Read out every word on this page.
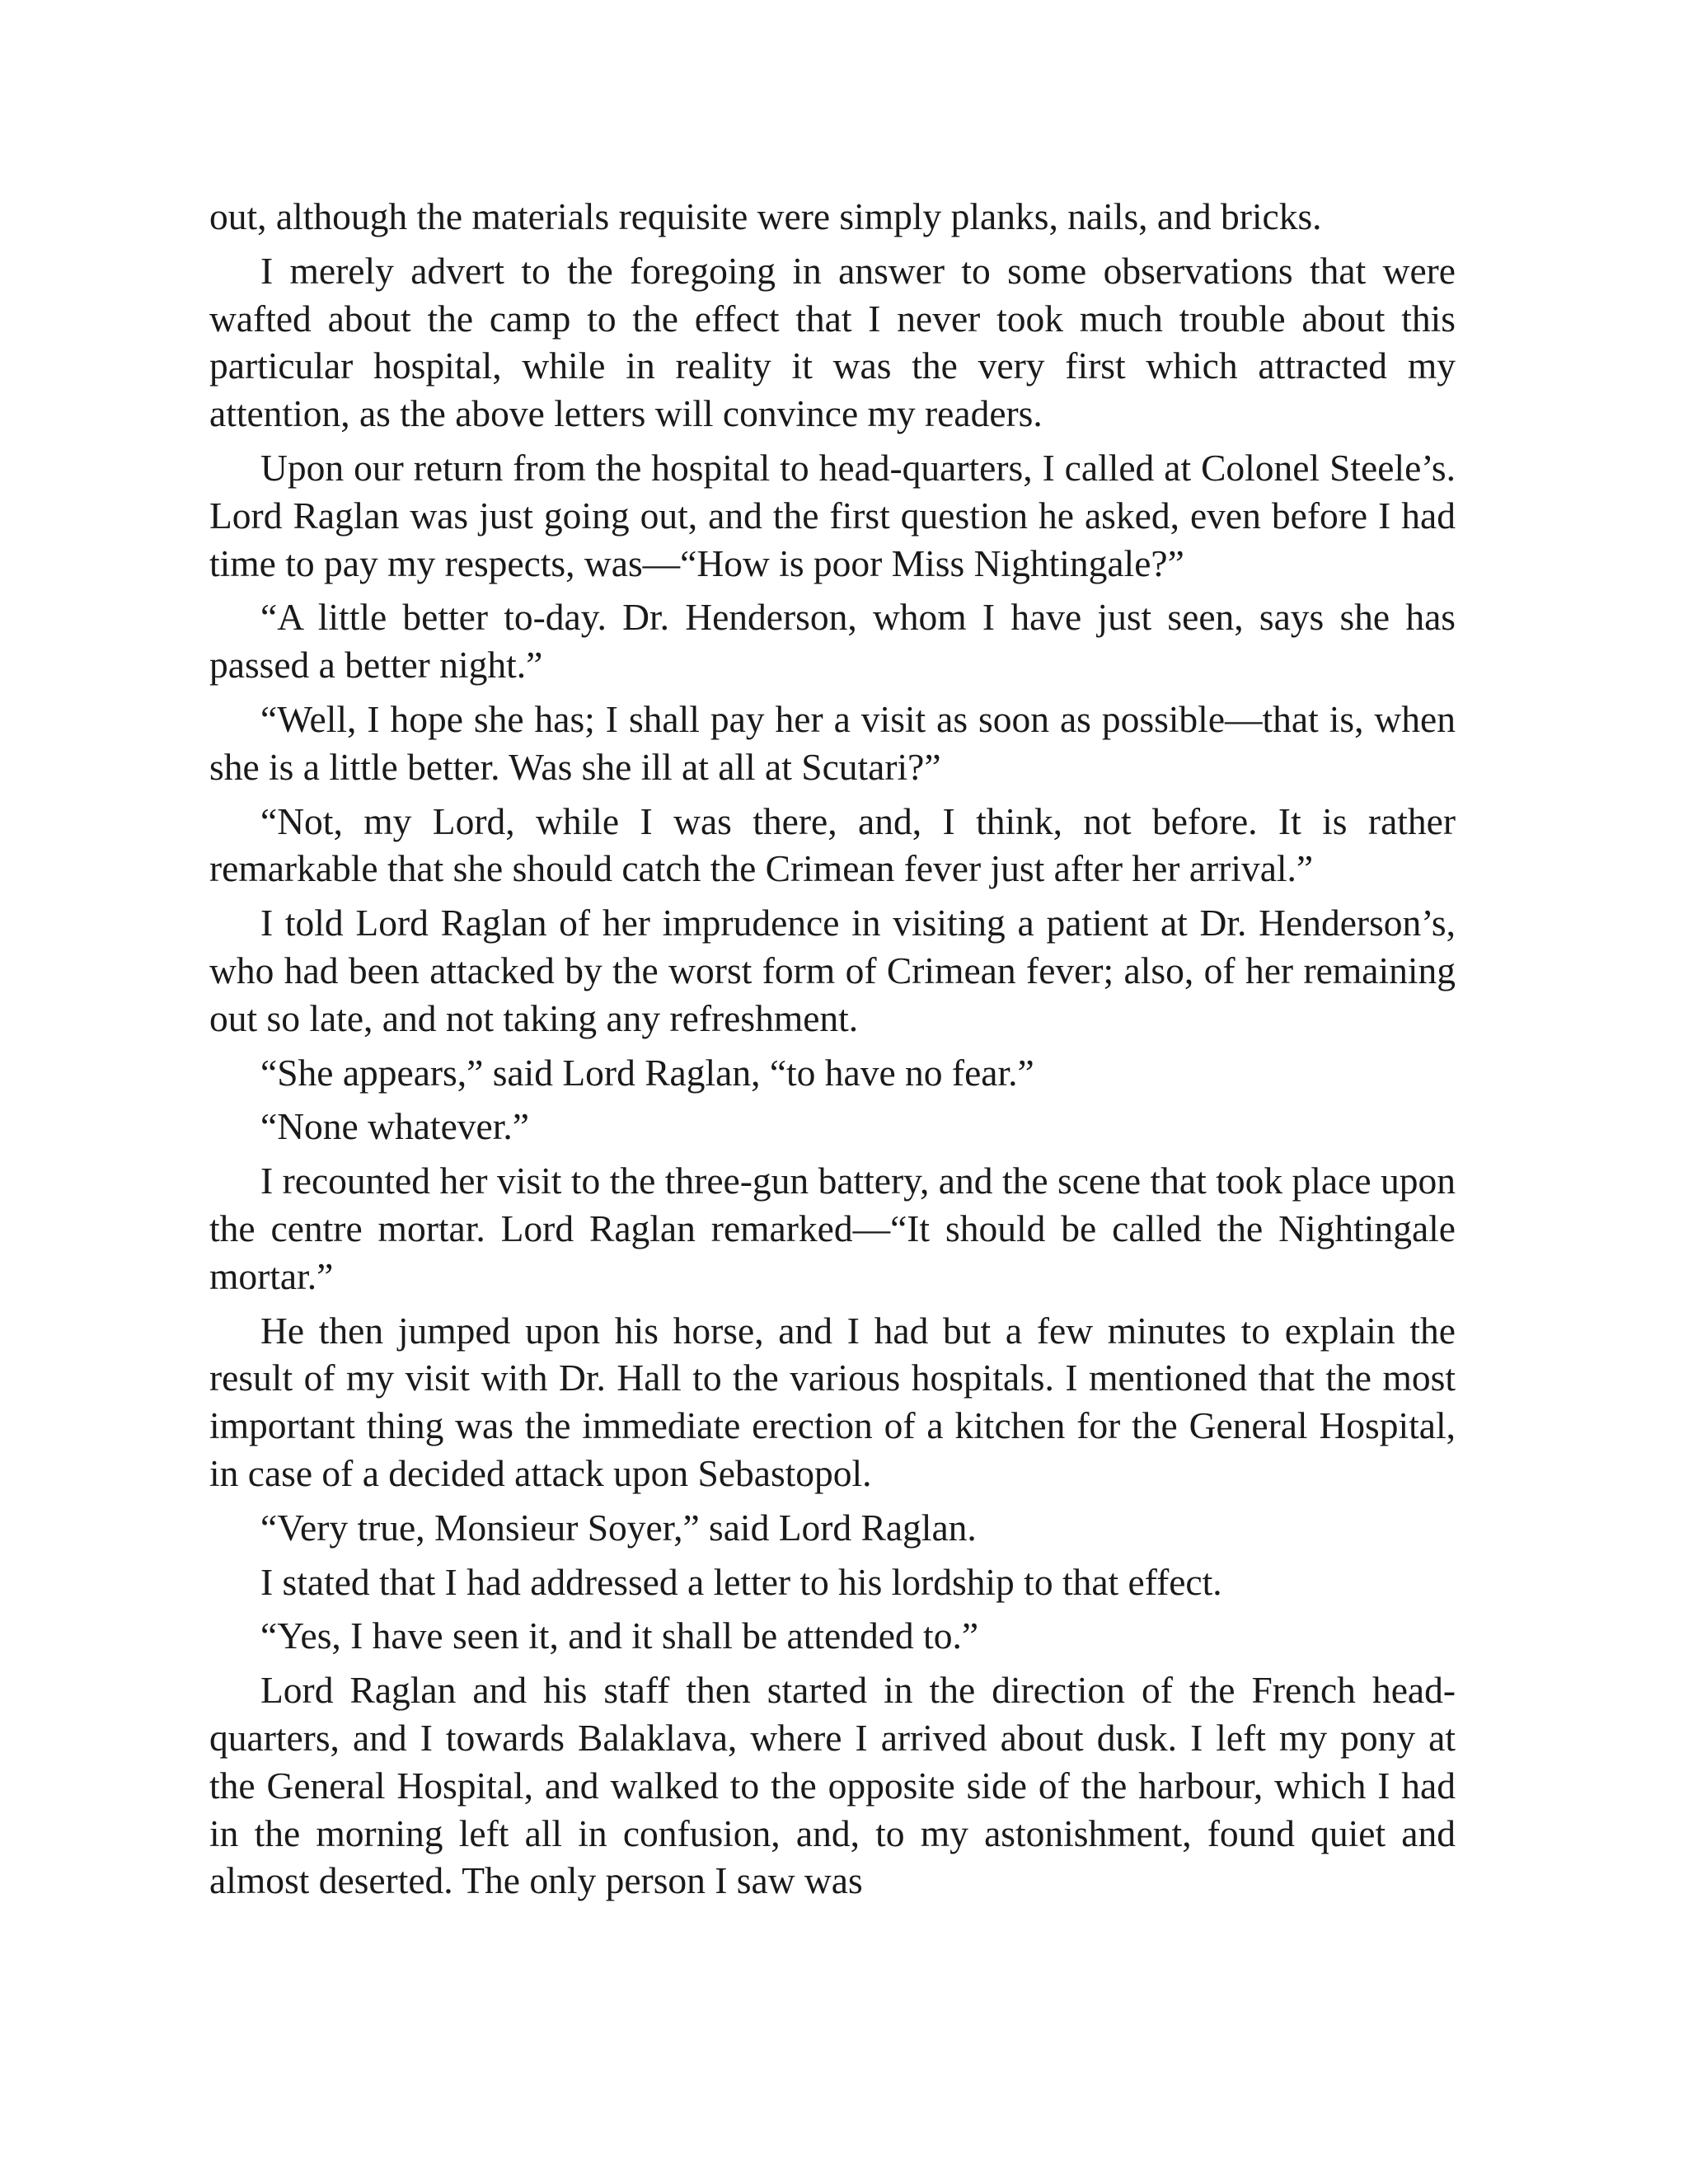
out, although the materials requisite were simply planks, nails, and bricks.

I merely advert to the foregoing in answer to some observations that were wafted about the camp to the effect that I never took much trouble about this particular hospital, while in reality it was the very first which attracted my attention, as the above letters will convince my readers.

Upon our return from the hospital to head-quarters, I called at Colonel Steele’s. Lord Raglan was just going out, and the first question he asked, even before I had time to pay my respects, was—“How is poor Miss Nightingale?”

“A little better to-day. Dr. Henderson, whom I have just seen, says she has passed a better night.”

“Well, I hope she has; I shall pay her a visit as soon as possible—that is, when she is a little better. Was she ill at all at Scutari?”

“Not, my Lord, while I was there, and, I think, not before. It is rather remarkable that she should catch the Crimean fever just after her arrival.”

I told Lord Raglan of her imprudence in visiting a patient at Dr. Henderson’s, who had been attacked by the worst form of Crimean fever; also, of her remaining out so late, and not taking any refreshment.

“She appears,” said Lord Raglan, “to have no fear.”

“None whatever.”

I recounted her visit to the three-gun battery, and the scene that took place upon the centre mortar. Lord Raglan remarked—“It should be called the Nightingale mortar.”

He then jumped upon his horse, and I had but a few minutes to explain the result of my visit with Dr. Hall to the various hospitals. I mentioned that the most important thing was the immediate erection of a kitchen for the General Hospital, in case of a decided attack upon Sebastopol.

“Very true, Monsieur Soyer,” said Lord Raglan.

I stated that I had addressed a letter to his lordship to that effect.

“Yes, I have seen it, and it shall be attended to.”

Lord Raglan and his staff then started in the direction of the French head-quarters, and I towards Balaklava, where I arrived about dusk. I left my pony at the General Hospital, and walked to the opposite side of the harbour, which I had in the morning left all in confusion, and, to my astonishment, found quiet and almost deserted. The only person I saw was
